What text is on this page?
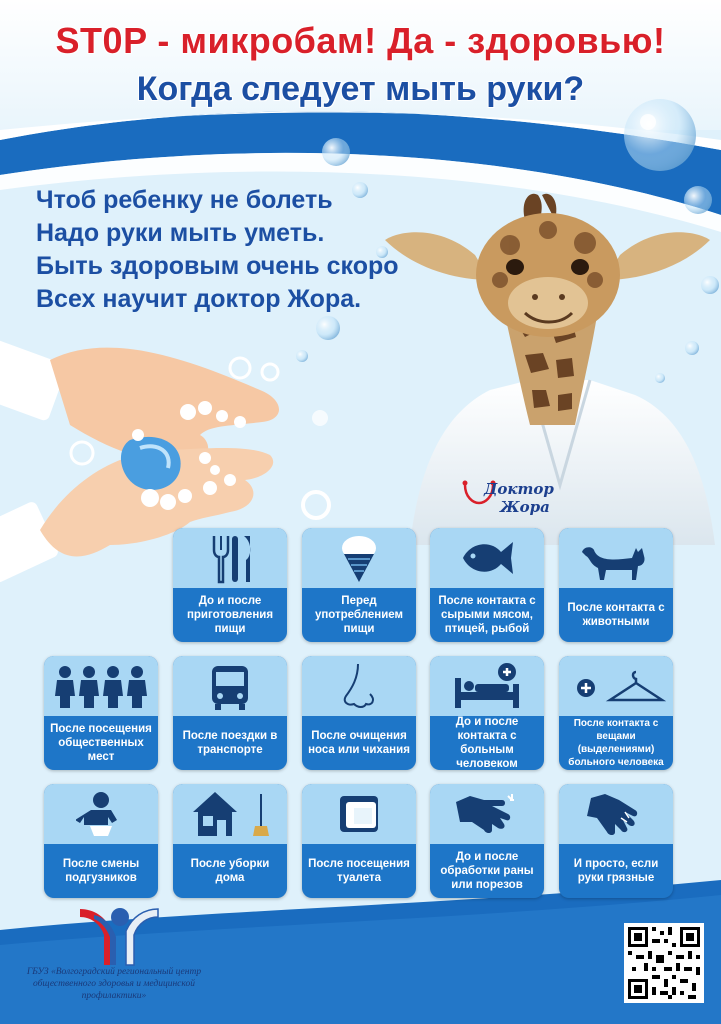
Доктор
Жора
ST0P - микробам! Да - здоровью!
Когда следует мыть руки?
Чтоб ребенку не болеть
Надо руки мыть уметь.
Быть здоровым очень скоро
Всех научит доктор Жора.
До и после приготовления пищи
Перед употреблением пищи
После контакта с сырыми мясом, птицей, рыбой
После контакта с животными
После посещения общественных мест
После поездки в транспорте
После очищения носа или чихания
До и после контакта с больным человеком
После контакта с вещами (выделениями) больного человека
После смены подгузников
После уборки дома
После посещения туалета
До и после обработки раны или порезов
И просто, если руки грязные
ГБУЗ «Волгоградский региональный центр общественного здоровья и медицинской профилактики»
